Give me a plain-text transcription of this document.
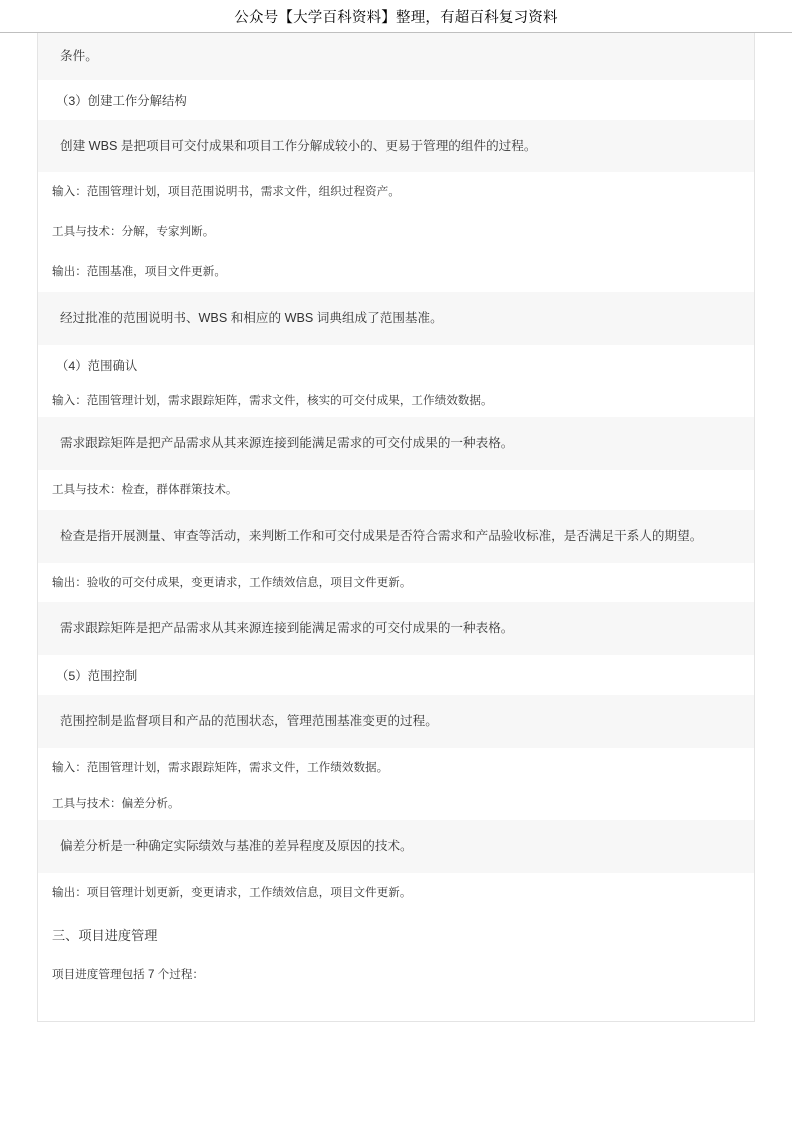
公众号【大学百科资料】整理，有超百科复习资料
条件。
（3）创建工作分解结构
创建 WBS 是把项目可交付成果和项目工作分解成较小的、更易于管理的组件的过程。
输入：范围管理计划，项目范围说明书，需求文件，组织过程资产。
工具与技术：分解，专家判断。
输出：范围基准，项目文件更新。
经过批准的范围说明书、WBS 和相应的 WBS 词典组成了范围基准。
（4）范围确认
输入：范围管理计划，需求跟踪矩阵，需求文件，核实的可交付成果，工作绩效数据。
需求跟踪矩阵是把产品需求从其来源连接到能满足需求的可交付成果的一种表格。
工具与技术：检查，群体群策技术。
检查是指开展测量、审查等活动，来判断工作和可交付成果是否符合需求和产品验收标准，是否满足干系人的期望。
输出：验收的可交付成果，变更请求，工作绩效信息，项目文件更新。
需求跟踪矩阵是把产品需求从其来源连接到能满足需求的可交付成果的一种表格。
（5）范围控制
范围控制是监督项目和产品的范围状态，管理范围基准变更的过程。
输入：范围管理计划，需求跟踪矩阵，需求文件，工作绩效数据。
工具与技术：偏差分析。
偏差分析是一种确定实际绩效与基准的差异程度及原因的技术。
输出：项目管理计划更新，变更请求，工作绩效信息，项目文件更新。
三、项目进度管理
项目进度管理包括 7 个过程：
